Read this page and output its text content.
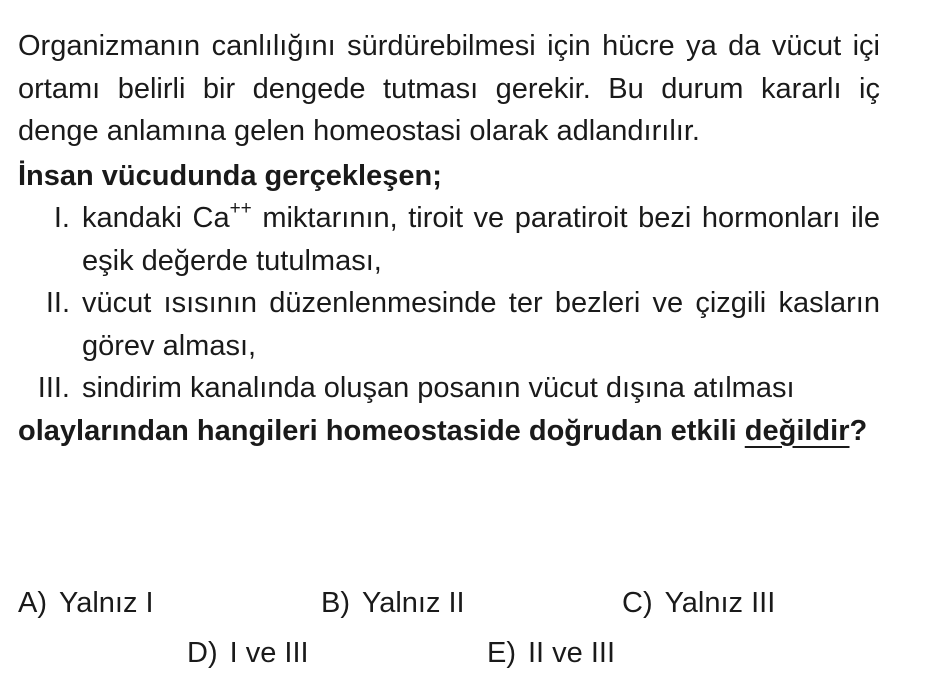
Organizmanın canlılığını sürdürebilmesi için hücre ya da vücut içi ortamı belirli bir dengede tutması gerekir. Bu durum kararlı iç denge anlamına gelen homeostasi olarak adlandırılır.

İnsan vücudunda gerçekleşen;

I. kandaki Ca++ miktarının, tiroit ve paratiroit bezi hormonları ile eşik değerde tutulması,
II. vücut ısısının düzenlenmesinde ter bezleri ve çizgili kasların görev alması,
III. sindirim kanalında oluşan posanın vücut dışına atılması

olaylarından hangileri homeostaside doğrudan etkili değildir?

A) Yalnız I	B) Yalnız II	C) Yalnız III
D) I ve III	E) II ve III
